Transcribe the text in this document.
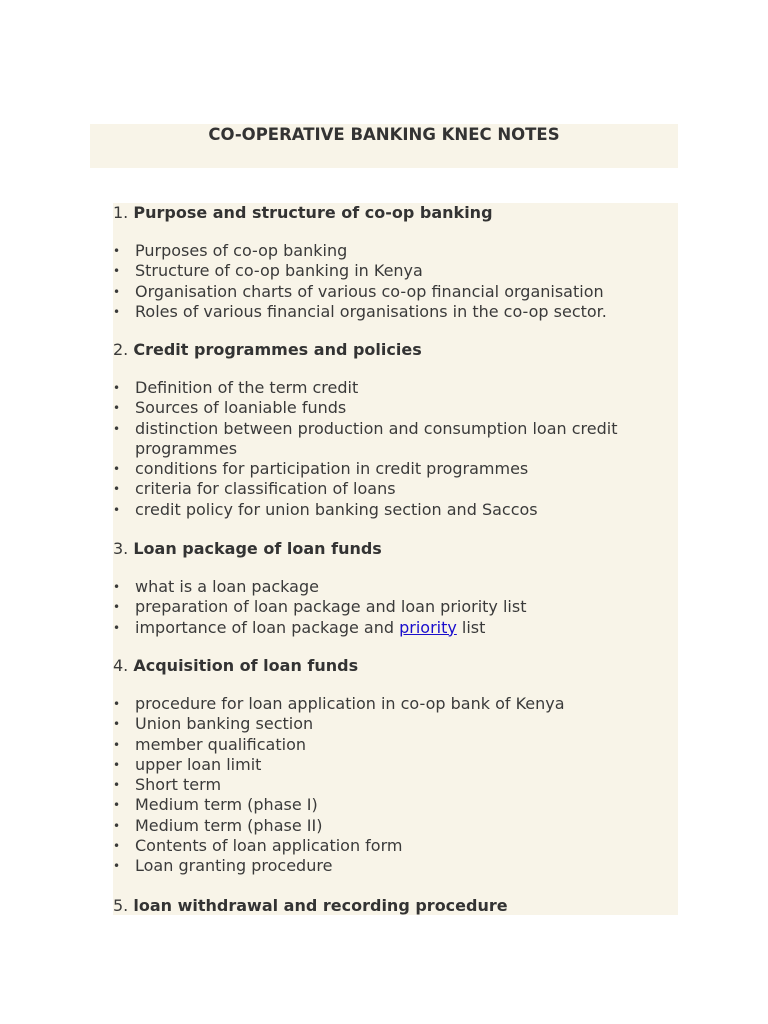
CO-OPERATIVE BANKING KNEC NOTES

1. Purpose and structure of co-op banking

• Purposes of co-op banking
• Structure of co-op banking in Kenya
• Organisation charts of various co-op financial organisation
• Roles of various financial organisations in the co-op sector.

2. Credit programmes and policies

• Definition of the term credit
• Sources of loaniable funds
• distinction between production and consumption loan credit programmes
• conditions for participation in credit programmes
• criteria for classification of loans
• credit policy for union banking section and Saccos

3. Loan package of loan funds

• what is a loan package
• preparation of loan package and loan priority list
• importance of loan package and priority list

4. Acquisition of loan funds

• procedure for loan application in co-op bank of Kenya
• Union banking section
• member qualification
• upper loan limit
• Short term
• Medium term (phase I)
• Medium term (phase II)
• Contents of loan application form
• Loan granting procedure

5. loan withdrawal and recording procedure
